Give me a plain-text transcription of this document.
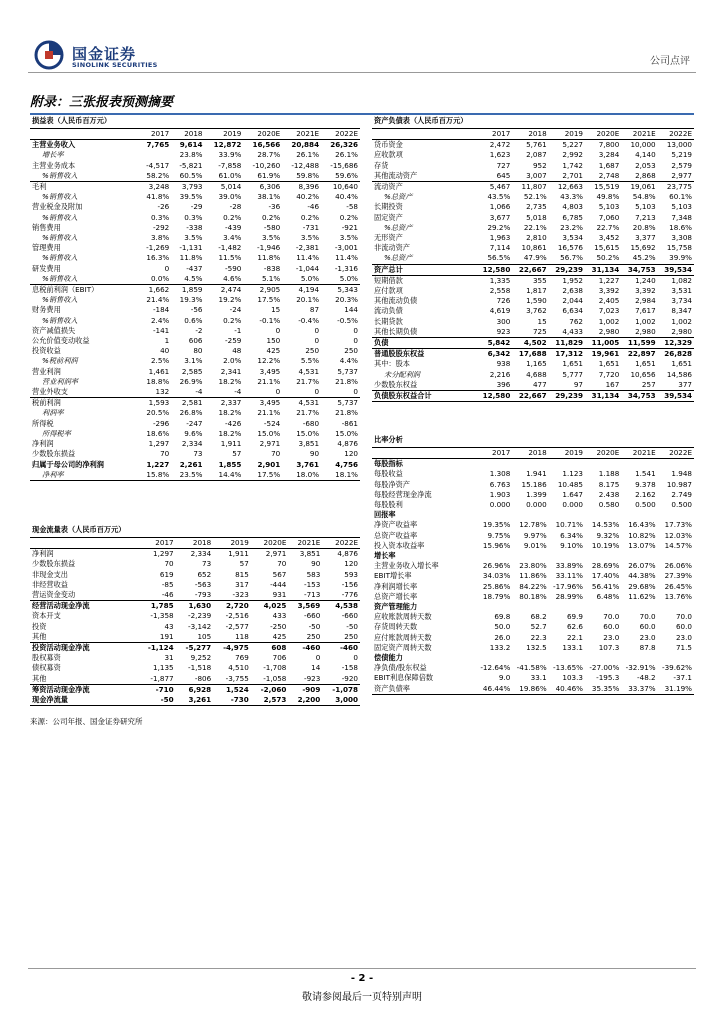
国金证券
SINOLINK SECURITIES	公司点评
附录：三张报表预测摘要
损益表（人民币百万元）						
	2017	2018	2019	2020E	2021E	2022E
主营业务收入	7,765	9,614	12,872	16,566	20,884	26,326
增长率		23.8%	33.9%	28.7%	26.1%	26.1%
主营业务成本	-4,517	-5,821	-7,858	-10,260	-12,488	-15,686
%销售收入	58.2%	60.5%	61.0%	61.9%	59.8%	59.6%
毛利	3,248	3,793	5,014	6,306	8,396	10,640
%销售收入	41.8%	39.5%	39.0%	38.1%	40.2%	40.4%
营业税金及附加	-26	-29	-28	-36	-46	-58
%销售收入	0.3%	0.3%	0.2%	0.2%	0.2%	0.2%
销售费用	-292	-338	-439	-580	-731	-921
%销售收入	3.8%	3.5%	3.4%	3.5%	3.5%	3.5%
管理费用	-1,269	-1,131	-1,482	-1,946	-2,381	-3,001
%销售收入	16.3%	11.8%	11.5%	11.8%	11.4%	11.4%
研发费用	0	-437	-590	-838	-1,044	-1,316
%销售收入	0.0%	4.5%	4.6%	5.1%	5.0%	5.0%
息税前利润（EBIT）	1,662	1,859	2,474	2,905	4,194	5,343
%销售收入	21.4%	19.3%	19.2%	17.5%	20.1%	20.3%
财务费用	-184	-56	-24	15	87	144
%销售收入	2.4%	0.6%	0.2%	-0.1%	-0.4%	-0.5%
资产减值损失	-141	-2	-1	0	0	0
公允价值变动收益	1	606	-259	150	0	0
投资收益	40	80	48	425	250	250
%税前利润	2.5%	3.1%	2.0%	12.2%	5.5%	4.4%
营业利润	1,461	2,585	2,341	3,495	4,531	5,737
营业利润率	18.8%	26.9%	18.2%	21.1%	21.7%	21.8%
营业外收支	132	-4	-4	0	0	0
税前利润	1,593	2,581	2,337	3,495	4,531	5,737
利润率	20.5%	26.8%	18.2%	21.1%	21.7%	21.8%
所得税	-296	-247	-426	-524	-680	-861
所得税率	18.6%	9.6%	18.2%	15.0%	15.0%	15.0%
净利润	1,297	2,334	1,911	2,971	3,851	4,876
少数股东损益	70	73	57	70	90	120
归属于母公司的净利润	1,227	2,261	1,855	2,901	3,761	4,756
净利率	15.8%	23.5%	14.4%	17.5%	18.0%	18.1%
资产负债表（人民币百万元）						
	2017	2018	2019	2020E	2021E	2022E
货币资金	2,472	5,761	5,227	7,800	10,000	13,000
应收款项	1,623	2,087	2,992	3,284	4,140	5,219
存货	727	952	1,742	1,687	2,053	2,579
其他流动资产	645	3,007	2,701	2,748	2,868	2,977
流动资产	5,467	11,807	12,663	15,519	19,061	23,775
%总资产	43.5%	52.1%	43.3%	49.8%	54.8%	60.1%
长期投资	1,066	2,735	4,803	5,103	5,103	5,103
固定资产	3,677	5,018	6,785	7,060	7,213	7,348
%总资产	29.2%	22.1%	23.2%	22.7%	20.8%	18.6%
无形资产	1,963	2,810	3,534	3,452	3,377	3,308
非流动资产	7,114	10,861	16,576	15,615	15,692	15,758
%总资产	56.5%	47.9%	56.7%	50.2%	45.2%	39.9%
资产总计	12,580	22,667	29,239	31,134	34,753	39,534
短期借款	1,335	355	1,952	1,227	1,240	1,082
应付款项	2,558	1,817	2,638	3,392	3,392	3,531
其他流动负债	726	1,590	2,044	2,405	2,984	3,734
流动负债	4,619	3,762	6,634	7,023	7,617	8,347
长期贷款	300	15	762	1,002	1,002	1,002
其他长期负债	923	725	4,433	2,980	2,980	2,980
负债	5,842	4,502	11,829	11,005	11,599	12,329
普通股股东权益	6,342	17,688	17,312	19,961	22,897	26,828
其中：股本	938	1,165	1,651	1,651	1,651	1,651
未分配利润	2,216	4,688	5,777	7,720	10,656	14,586
少数股东权益	396	477	97	167	257	377
负债股东权益合计	12,580	22,667	29,239	31,134	34,753	39,534
比率分析						
	2017	2018	2019	2020E	2021E	2022E
每股指标						
每股收益	1.308	1.941	1.123	1.188	1.541	1.948
每股净资产	6.763	15.186	10.485	8.175	9.378	10.987
每股经营现金净流	1.903	1.399	1.647	2.438	2.162	2.749
每股股利	0.000	0.000	0.000	0.580	0.500	0.500
回报率						
净资产收益率	19.35%	12.78%	10.71%	14.53%	16.43%	17.73%
总资产收益率	9.75%	9.97%	6.34%	9.32%	10.82%	12.03%
投入资本收益率	15.96%	9.01%	9.10%	10.19%	13.07%	14.57%
增长率						
主营业务收入增长率	26.96%	23.80%	33.89%	28.69%	26.07%	26.06%
EBIT增长率	34.03%	11.86%	33.11%	17.40%	44.38%	27.39%
净利润增长率	25.86%	84.22%	-17.96%	56.41%	29.68%	26.45%
总资产增长率	18.79%	80.18%	28.99%	6.48%	11.62%	13.76%
资产管理能力						
应收账款周转天数	69.8	68.2	69.9	70.0	70.0	70.0
存货周转天数	50.0	52.7	62.6	60.0	60.0	60.0
应付账款周转天数	26.0	22.3	22.1	23.0	23.0	23.0
固定资产周转天数	133.2	132.5	133.1	107.3	87.8	71.5
偿债能力						
净负债/股东权益	-12.64%	-41.58%	-13.65%	-27.00%	-32.91%	-39.62%
EBIT利息保障倍数	9.0	33.1	103.3	-195.3	-48.2	-37.1
资产负债率	46.44%	19.86%	40.46%	35.35%	33.37%	31.19%
现金流量表（人民币百万元）						
	2017	2018	2019	2020E	2021E	2022E
净利润	1,297	2,334	1,911	2,971	3,851	4,876
少数股东损益	70	73	57	70	90	120
非现金支出	619	652	815	567	583	593
非经营收益	-85	-563	317	-444	-153	-156
营运资金变动	-46	-793	-323	931	-713	-776
经营活动现金净流	1,785	1,630	2,720	4,025	3,569	4,538
资本开支	-1,358	-2,239	-2,516	433	-660	-660
投资	43	-3,142	-2,577	-250	-50	-50
其他	191	105	118	425	250	250
投资活动现金净流	-1,124	-5,277	-4,975	608	-460	-460
股权募资	31	9,252	769	706	0	0
债权募资	1,135	-1,518	4,510	-1,708	14	-158
其他	-1,877	-806	-3,755	-1,058	-923	-920
筹资活动现金净流	-710	6,928	1,524	-2,060	-909	-1,078
现金净流量	-50	3,261	-730	2,573	2,200	3,000
来源：公司年报、国金证券研究所
- 2 -
敬请参阅最后一页特别声明
